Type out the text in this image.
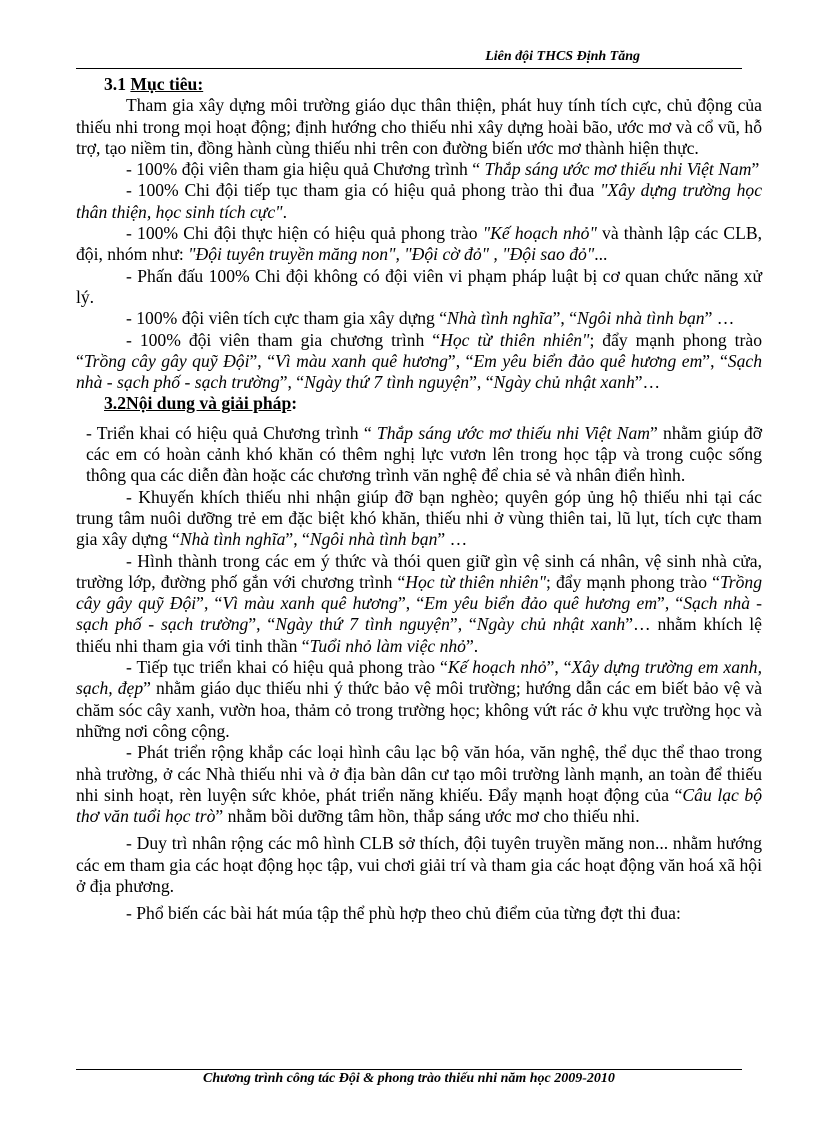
Liên đội THCS Định Tăng

3.1 Mục tiêu:

Tham gia xây dựng môi trường giáo dục thân thiện, phát huy tính tích cực, chủ động của thiếu nhi trong mọi hoạt động; định hướng cho thiếu nhi xây dựng hoài bão, ước mơ và cổ vũ, hỗ trợ, tạo niềm tin, đồng hành cùng thiếu nhi trên con đường biến ước mơ thành hiện thực.

- 100% đội viên tham gia hiệu quả Chương trình “ Thắp sáng ước mơ thiếu nhi Việt Nam”

- 100% Chi đội tiếp tục tham gia có hiệu quả phong trào thi đua "Xây dựng trường học thân thiện, học sinh tích cực".

- 100% Chi đội thực hiện có hiệu quả phong trào "Kế hoạch nhỏ" và thành lập các CLB, đội, nhóm như: "Đội tuyên truyền măng non", "Đội cờ đỏ" , "Đội sao đỏ"...

- Phấn đấu 100% Chi đội không có đội viên vi phạm pháp luật bị cơ quan chức năng xử lý.

- 100% đội viên tích cực tham gia xây dựng “Nhà tình nghĩa”, “Ngôi nhà tình bạn” …

- 100% đội viên tham gia chương trình “Học từ thiên nhiên"; đẩy mạnh phong trào “Trồng cây gây quỹ Đội”, “Vì màu xanh quê hương”, “Em yêu biển đảo quê hương em”, “Sạch nhà - sạch phố - sạch trường”, “Ngày thứ 7 tình nguyện”, “Ngày chủ nhật xanh”…

3.2Nội dung và giải pháp:

- Triển khai có hiệu quả Chương trình “ Thắp sáng ước mơ thiếu nhi Việt Nam” nhằm giúp đỡ các em có hoàn cảnh khó khăn có thêm nghị lực vươn lên trong học tập và trong cuộc sống thông qua các diễn đàn hoặc các chương trình văn nghệ để chia sẻ và nhân điển hình.

- Khuyến khích thiếu nhi nhận giúp đỡ bạn nghèo; quyên góp ủng hộ thiếu nhi tại các trung tâm nuôi dưỡng trẻ em đặc biệt khó khăn, thiếu nhi ở vùng thiên tai, lũ lụt, tích cực tham gia xây dựng “Nhà tình nghĩa”, “Ngôi nhà tình bạn” …

- Hình thành trong các em ý thức và thói quen giữ gìn vệ sinh cá nhân, vệ sinh nhà cửa, trường lớp, đường phố gắn với chương trình “Học từ thiên nhiên"; đẩy mạnh phong trào “Trồng cây gây quỹ Đội”, “Vì màu xanh quê hương”, “Em yêu biển đảo quê hương em”, “Sạch nhà - sạch phố - sạch trường”, “Ngày thứ 7 tình nguyện”, “Ngày chủ nhật xanh”… nhằm khích lệ thiếu nhi tham gia với tinh thần “Tuổi nhỏ làm việc nhỏ”.

- Tiếp tục triển khai có hiệu quả phong trào “Kế hoạch nhỏ”, “Xây dựng trường em xanh, sạch, đẹp” nhằm giáo dục thiếu nhi ý thức bảo vệ môi trường; hướng dẫn các em biết bảo vệ và chăm sóc cây xanh, vườn hoa, thảm cỏ trong trường học; không vứt rác ở khu vực trường học và những nơi công cộng.

- Phát triển rộng khắp các loại hình câu lạc bộ văn hóa, văn nghệ, thể dục thể thao trong nhà trường, ở các Nhà thiếu nhi và ở địa bàn dân cư tạo môi trường lành mạnh, an toàn để thiếu nhi sinh hoạt, rèn luyện sức khỏe, phát triển năng khiếu. Đẩy mạnh hoạt động của “Câu lạc bộ thơ văn tuổi học trò” nhằm bồi dưỡng tâm hồn, thắp sáng ước mơ cho thiếu nhi.

- Duy trì nhân rộng các mô hình CLB sở thích, đội tuyên truyền măng non... nhằm hướng các em tham gia các hoạt động học tập, vui chơi giải trí và tham gia các hoạt động văn hoá xã hội ở địa phương.

- Phổ biến các bài hát múa tập thể phù hợp theo chủ điểm của từng đợt thi đua:

Chương trình công tác Đội & phong trào thiếu nhi năm học 2009-2010
